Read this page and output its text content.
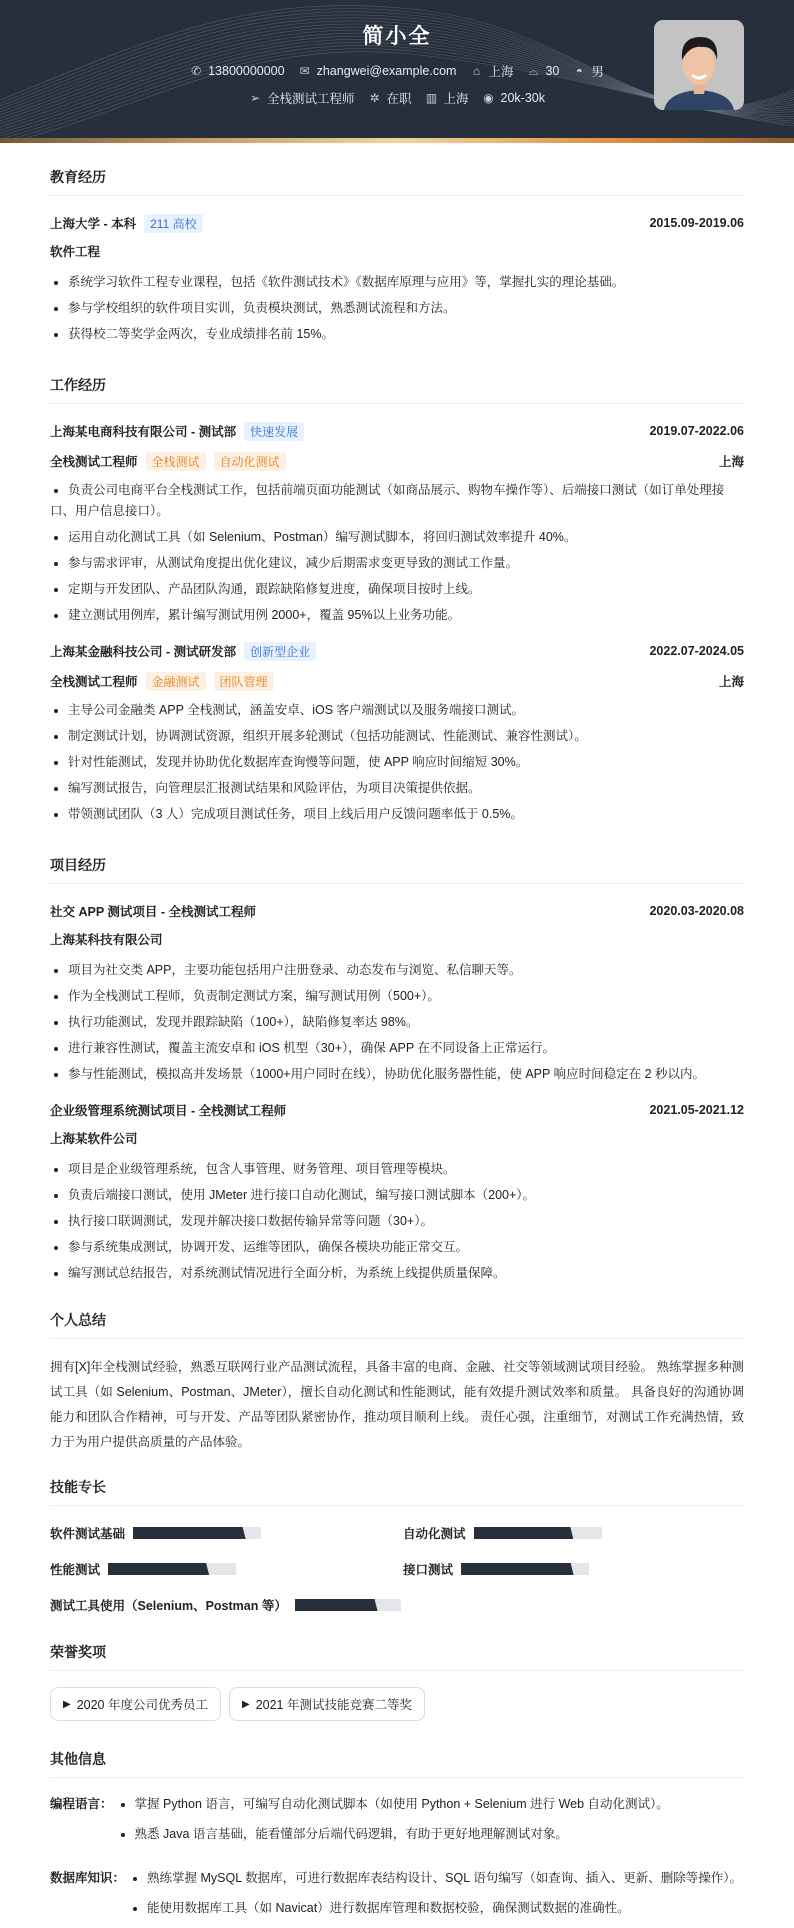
简小全
✆ 13800000000 ✉ zhangwei@example.com ⌂ 上海 ⌓ 30 ◓ 男
➢ 全栈测试工程师 ✲ 在职 ▥ 上海 ◉ 20k-30k
教育经历
上海大学 - 本科	211 高校	2015.09-2019.06
软件工程
系统学习软件工程专业课程，包括《软件测试技术》《数据库原理与应用》等，掌握扎实的理论基础。
参与学校组织的软件项目实训，负责模块测试，熟悉测试流程和方法。
获得校二等奖学金两次，专业成绩排名前 15%。
工作经历
上海某电商科技有限公司 - 测试部	快速发展	2019.07-2022.06
全栈测试工程师	全栈测试	自动化测试	上海
负责公司电商平台全栈测试工作，包括前端页面功能测试（如商品展示、购物车操作等）、后端接口测试（如订单处理接口、用户信息接口）。
运用自动化测试工具（如 Selenium、Postman）编写测试脚本，将回归测试效率提升 40%。
参与需求评审，从测试角度提出优化建议，减少后期需求变更导致的测试工作量。
定期与开发团队、产品团队沟通，跟踪缺陷修复进度，确保项目按时上线。
建立测试用例库，累计编写测试用例 2000+，覆盖 95%以上业务功能。
上海某金融科技公司 - 测试研发部	创新型企业	2022.07-2024.05
全栈测试工程师	金融测试	团队管理	上海
主导公司金融类 APP 全栈测试，涵盖安卓、iOS 客户端测试以及服务端接口测试。
制定测试计划，协调测试资源，组织开展多轮测试（包括功能测试、性能测试、兼容性测试）。
针对性能测试，发现并协助优化数据库查询慢等问题，使 APP 响应时间缩短 30%。
编写测试报告，向管理层汇报测试结果和风险评估，为项目决策提供依据。
带领测试团队（3 人）完成项目测试任务，项目上线后用户反馈问题率低于 0.5%。
项目经历
社交 APP 测试项目 - 全栈测试工程师	2020.03-2020.08
上海某科技有限公司
项目为社交类 APP，主要功能包括用户注册登录、动态发布与浏览、私信聊天等。
作为全栈测试工程师，负责制定测试方案，编写测试用例（500+）。
执行功能测试，发现并跟踪缺陷（100+），缺陷修复率达 98%。
进行兼容性测试，覆盖主流安卓和 iOS 机型（30+），确保 APP 在不同设备上正常运行。
参与性能测试，模拟高并发场景（1000+用户同时在线），协助优化服务器性能，使 APP 响应时间稳定在 2 秒以内。
企业级管理系统测试项目 - 全栈测试工程师	2021.05-2021.12
上海某软件公司
项目是企业级管理系统，包含人事管理、财务管理、项目管理等模块。
负责后端接口测试，使用 JMeter 进行接口自动化测试，编写接口测试脚本（200+）。
执行接口联调测试，发现并解决接口数据传输异常等问题（30+）。
参与系统集成测试，协调开发、运维等团队，确保各模块功能正常交互。
编写测试总结报告，对系统测试情况进行全面分析，为系统上线提供质量保障。
个人总结

拥有[X]年全栈测试经验，熟悉互联网行业产品测试流程，具备丰富的电商、金融、社交等领域测试项目经验。 熟练掌握多种测试工具（如 Selenium、Postman、JMeter），擅长自动化测试和性能测试，能有效提升测试效率和质量。 具备良好的沟通协调能力和团队合作精神，可与开发、产品等团队紧密协作，推动项目顺利上线。 责任心强，注重细节，对测试工作充满热情，致力于为用户提供高质量的产品体验。

技能专长
软件测试基础	自动化测试
性能测试	接口测试
测试工具使用（Selenium、Postman 等）
荣誉奖项
▶ 2020 年度公司优秀员工	▶ 2021 年测试技能竞赛二等奖
其他信息
编程语言：	掌握 Python 语言，可编写自动化测试脚本（如使用 Python + Selenium 进行 Web 自动化测试）。
熟悉 Java 语言基础，能看懂部分后端代码逻辑，有助于更好地理解测试对象。
数据库知识：	熟练掌握 MySQL 数据库，可进行数据库表结构设计、SQL 语句编写（如查询、插入、更新、删除等操作）。
能使用数据库工具（如 Navicat）进行数据库管理和数据校验，确保测试数据的准确性。
